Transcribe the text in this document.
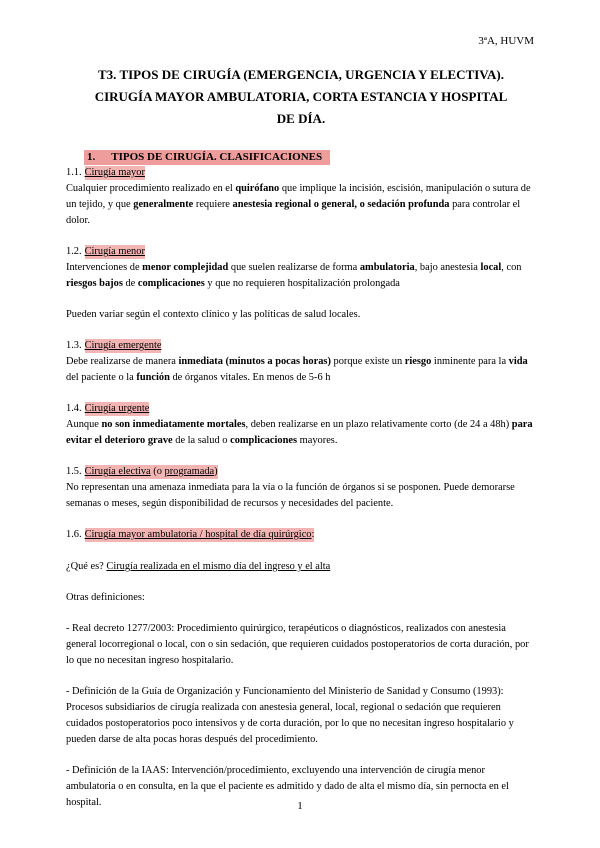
3ªA, HUVM
T3. TIPOS DE CIRUGÍA (EMERGENCIA, URGENCIA Y ELECTIVA).
CIRUGÍA MAYOR AMBULATORIA, CORTA ESTANCIA Y HOSPITAL
DE DÍA.
1. TIPOS DE CIRUGÍA. CLASIFICACIONES
1.1. Cirugía mayor
Cualquier procedimiento realizado en el quirófano que implique la incisión, escisión, manipulación o sutura de un tejido, y que generalmente requiere anestesia regional o general, o sedación profunda para controlar el dolor.
1.2. Cirugía menor
Intervenciones de menor complejidad que suelen realizarse de forma ambulatoria, bajo anestesia local, con riesgos bajos de complicaciones y que no requieren hospitalización prolongada
Pueden variar según el contexto clínico y las políticas de salud locales.
1.3. Cirugía emergente
Debe realizarse de manera inmediata (minutos a pocas horas) porque existe un riesgo inminente para la vida del paciente o la función de órganos vitales. En menos de 5-6 h
1.4. Cirugía urgente
Aunque no son inmediatamente mortales, deben realizarse en un plazo relativamente corto (de 24 a 48h) para evitar el deterioro grave de la salud o complicaciones mayores.
1.5. Cirugía electiva (o programada)
No representan una amenaza inmediata para la vía o la función de órganos si se posponen. Puede demorarse semanas o meses, según disponibilidad de recursos y necesidades del paciente.
1.6. Cirugía mayor ambulatoria / hospital de día quirúrgico:
¿Qué es? Cirugía realizada en el mismo día del ingreso y el alta
Otras definiciones:
- Real decreto 1277/2003: Procedimiento quirúrgico, terapéuticos o diagnósticos, realizados con anestesia general locorregional o local, con o sin sedación, que requieren cuidados postoperatorios de corta duración, por lo que no necesitan ingreso hospitalario.
- Definición de la Guía de Organización y Funcionamiento del Ministerio de Sanidad y Consumo (1993): Procesos subsidiarios de cirugía realizada con anestesia general, local, regional o sedación que requieren cuidados postoperatorios poco intensivos y de corta duración, por lo que no necesitan ingreso hospitalario y pueden darse de alta pocas horas después del procedimiento.
- Definición de la IAAS: Intervención/procedimiento, excluyendo una intervención de cirugía menor ambulatoria o en consulta, en la que el paciente es admitido y dado de alta el mismo día, sin pernocta en el hospital.	1
